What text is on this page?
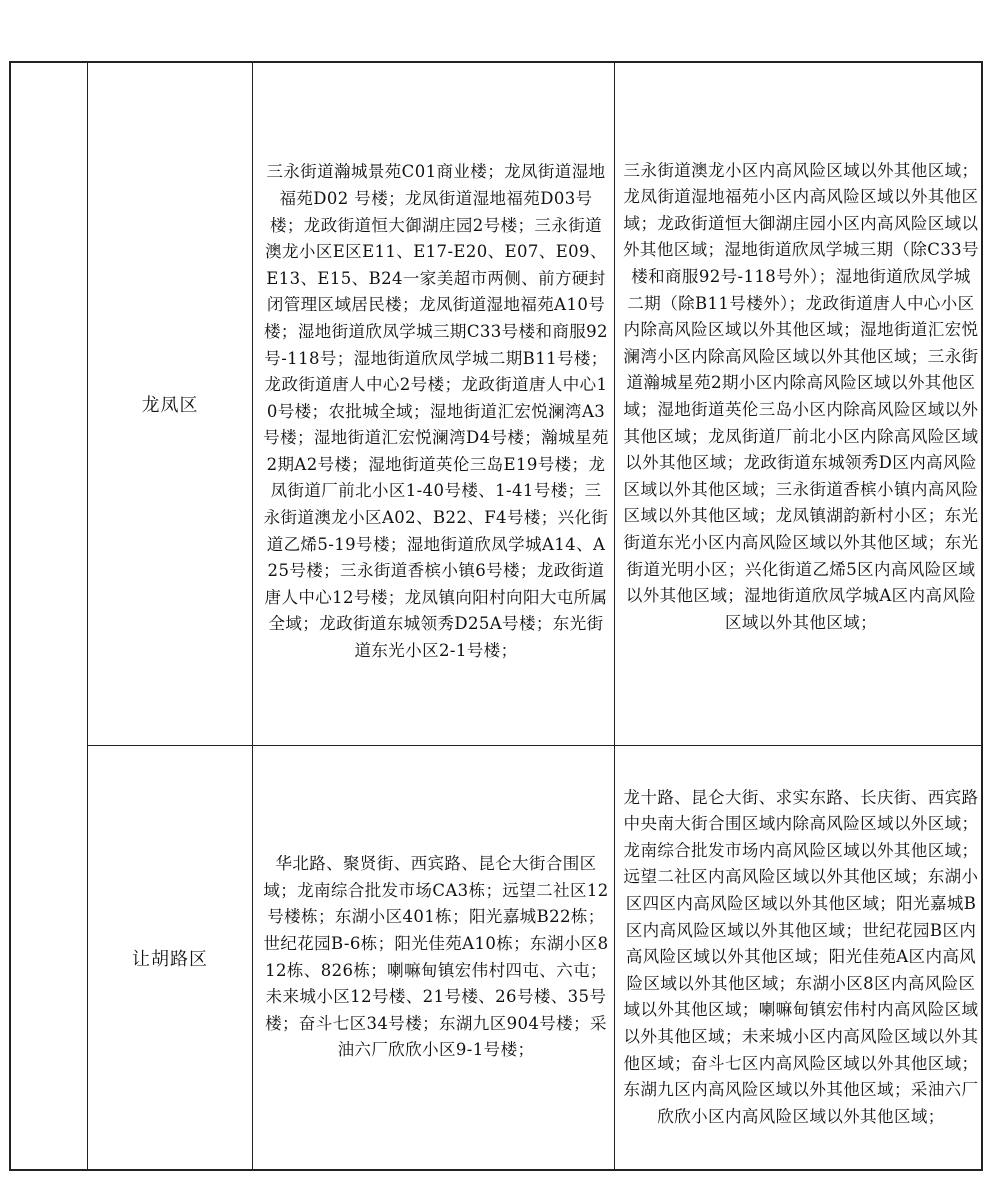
龙凤区
三永街道瀚城景苑C01商业楼；龙凤街道湿地福苑D02 号楼；龙凤街道湿地福苑D03号楼；龙政街道恒大御湖庄园2号楼；三永街道澳龙小区E区E11、E17-E20、E07、E09、E13、E15、B24一家美超市两侧、前方硬封闭管理区域居民楼；龙凤街道湿地福苑A10号楼；湿地街道欣凤学城三期C33号楼和商服92号-118号；湿地街道欣凤学城二期B11号楼；龙政街道唐人中心2号楼；龙政街道唐人中心10号楼；农批城全域；湿地街道汇宏悦澜湾A3号楼；湿地街道汇宏悦澜湾D4号楼；瀚城星苑2期A2号楼；湿地街道英伦三岛E19号楼；龙凤街道厂前北小区1-40号楼、1-41号楼；三永街道澳龙小区A02、B22、F4号楼；兴化街道乙烯5-19号楼；湿地街道欣凤学城A14、A25号楼；三永街道香槟小镇6号楼；龙政街道唐人中心12号楼；龙凤镇向阳村向阳大屯所属全域；龙政街道东城领秀D25A号楼；东光街道东光小区2-1号楼；
三永街道澳龙小区内高风险区域以外其他区域；龙凤街道湿地福苑小区内高风险区域以外其他区域；龙政街道恒大御湖庄园小区内高风险区域以外其他区域；湿地街道欣凤学城三期（除C33号楼和商服92号-118号外）；湿地街道欣凤学城二期（除B11号楼外）；龙政街道唐人中心小区内除高风险区域以外其他区域；湿地街道汇宏悦澜湾小区内除高风险区域以外其他区域；三永街道瀚城星苑2期小区内除高风险区域以外其他区域；湿地街道英伦三岛小区内除高风险区域以外其他区域；龙凤街道厂前北小区内除高风险区域以外其他区域；龙政街道东城领秀D区内高风险区域以外其他区域；三永街道香槟小镇内高风险区域以外其他区域；龙凤镇湖韵新村小区；东光街道东光小区内高风险区域以外其他区域；东光街道光明小区；兴化街道乙烯5区内高风险区域以外其他区域；湿地街道欣凤学城A区内高风险区域以外其他区域；
让胡路区
华北路、聚贤街、西宾路、昆仑大街合围区域；龙南综合批发市场CA3栋；远望二社区12号楼栋；东湖小区401栋；阳光嘉城B22栋；世纪花园B-6栋；阳光佳苑A10栋；东湖小区812栋、826栋；喇嘛甸镇宏伟村四屯、六屯；未来城小区12号楼、21号楼、26号楼、35号楼；奋斗七区34号楼；东湖九区904号楼；采油六厂欣欣小区9-1号楼；
龙十路、昆仑大街、求实东路、长庆街、西宾路中央南大街合围区域内除高风险区域以外区域；龙南综合批发市场内高风险区域以外其他区域；远望二社区内高风险区域以外其他区域；东湖小区四区内高风险区域以外其他区域；阳光嘉城B区内高风险区域以外其他区域；世纪花园B区内高风险区域以外其他区域；阳光佳苑A区内高风险区域以外其他区域；东湖小区8区内高风险区域以外其他区域；喇嘛甸镇宏伟村内高风险区域以外其他区域；未来城小区内高风险区域以外其他区域；奋斗七区内高风险区域以外其他区域；东湖九区内高风险区域以外其他区域；采油六厂欣欣小区内高风险区域以外其他区域；
